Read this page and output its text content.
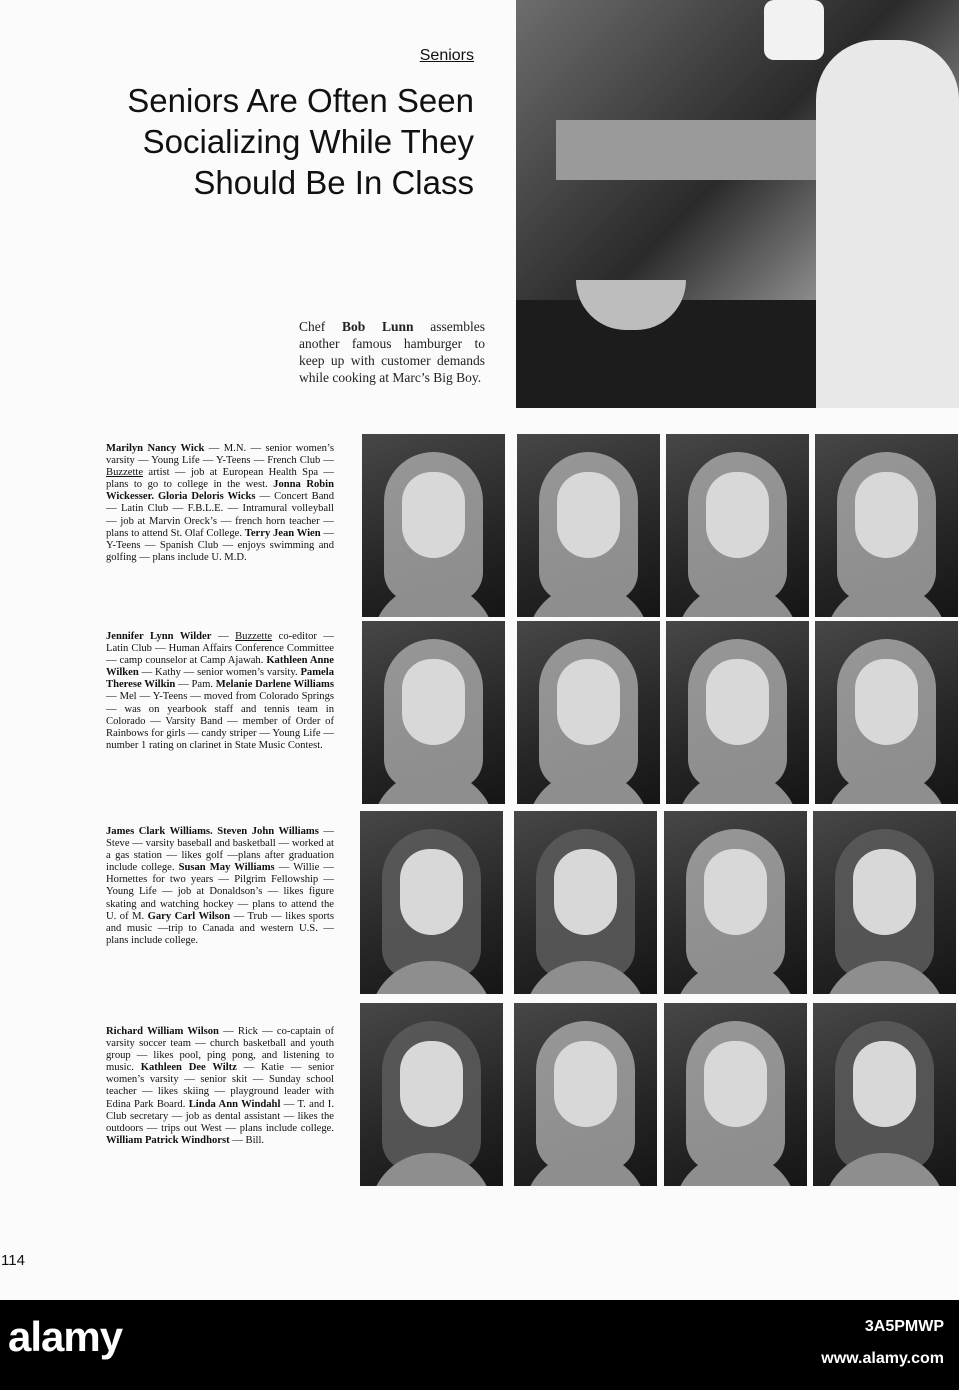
Seniors
Seniors Are Often Seen
Socializing While They
Should Be In Class
Chef Bob Lunn assembles another famous hamburger to keep up with customer demands while cooking at Marc’s Big Boy.
Marilyn Nancy Wick — M.N. — senior women’s varsity — Young Life — Y-Teens — French Club — Buzzette artist — job at European Health Spa — plans to go to college in the west. Jonna Robin Wickesser. Gloria Deloris Wicks — Concert Band — Latin Club — F.B.L.E. — Intramural volleyball — job at Marvin Oreck’s — french horn teacher — plans to attend St. Olaf College. Terry Jean Wien — Y-Teens — Spanish Club — enjoys swimming and golfing — plans include U. M.D.
Jennifer Lynn Wilder — Buzzette co-editor — Latin Club — Human Affairs Conference Committee — camp counselor at Camp Ajawah. Kathleen Anne Wilken — Kathy — senior women’s varsity. Pamela Therese Wilkin — Pam. Melanie Darlene Williams — Mel — Y-Teens — moved from Colorado Springs — was on yearbook staff and tennis team in Colorado — Varsity Band — member of Order of Rainbows for girls — candy striper — Young Life — number 1 rating on clarinet in State Music Contest.
James Clark Williams. Steven John Williams — Steve — varsity baseball and basketball — worked at a gas station — likes golf —plans after graduation include college. Susan May Williams — Willie — Hornettes for two years — Pilgrim Fellowship — Young Life — job at Donaldson’s — likes figure skating and watching hockey — plans to attend the U. of M. Gary Carl Wilson — Trub — likes sports and music —trip to Canada and western U.S. — plans include college.
Richard William Wilson — Rick — co-captain of varsity soccer team — church basketball and youth group — likes pool, ping pong, and listening to music. Kathleen Dee Wiltz — Katie — senior women’s varsity — senior skit — Sunday school teacher — likes skiing — playground leader with Edina Park Board. Linda Ann Windahl — T. and I. Club secretary — job as dental assistant — likes the outdoors — trips out West — plans include college. William Patrick Windhorst — Bill.
114
alamy	3A5PMWP
www.alamy.com
